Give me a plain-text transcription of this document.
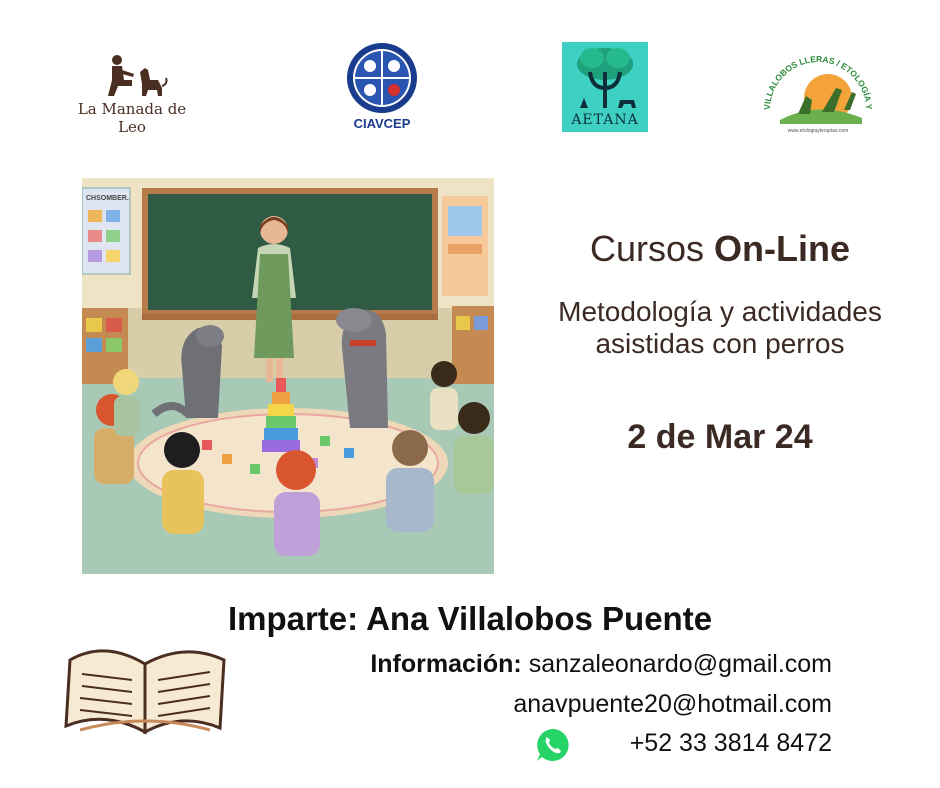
La Manada de Leo	CIAVCEP	AETANA
VILLALOBOS LLERAS / ETOLOGÍA Y
www.etologiayterapias.com
CHSOMBER.
Cursos On-Line
Metodología y actividades
asistidas con perros
2 de Mar 24
Imparte: Ana Villalobos Puente
Información: sanzaleonardo@gmail.com
anavpuente20@hotmail.com
+52 33 3814 8472
